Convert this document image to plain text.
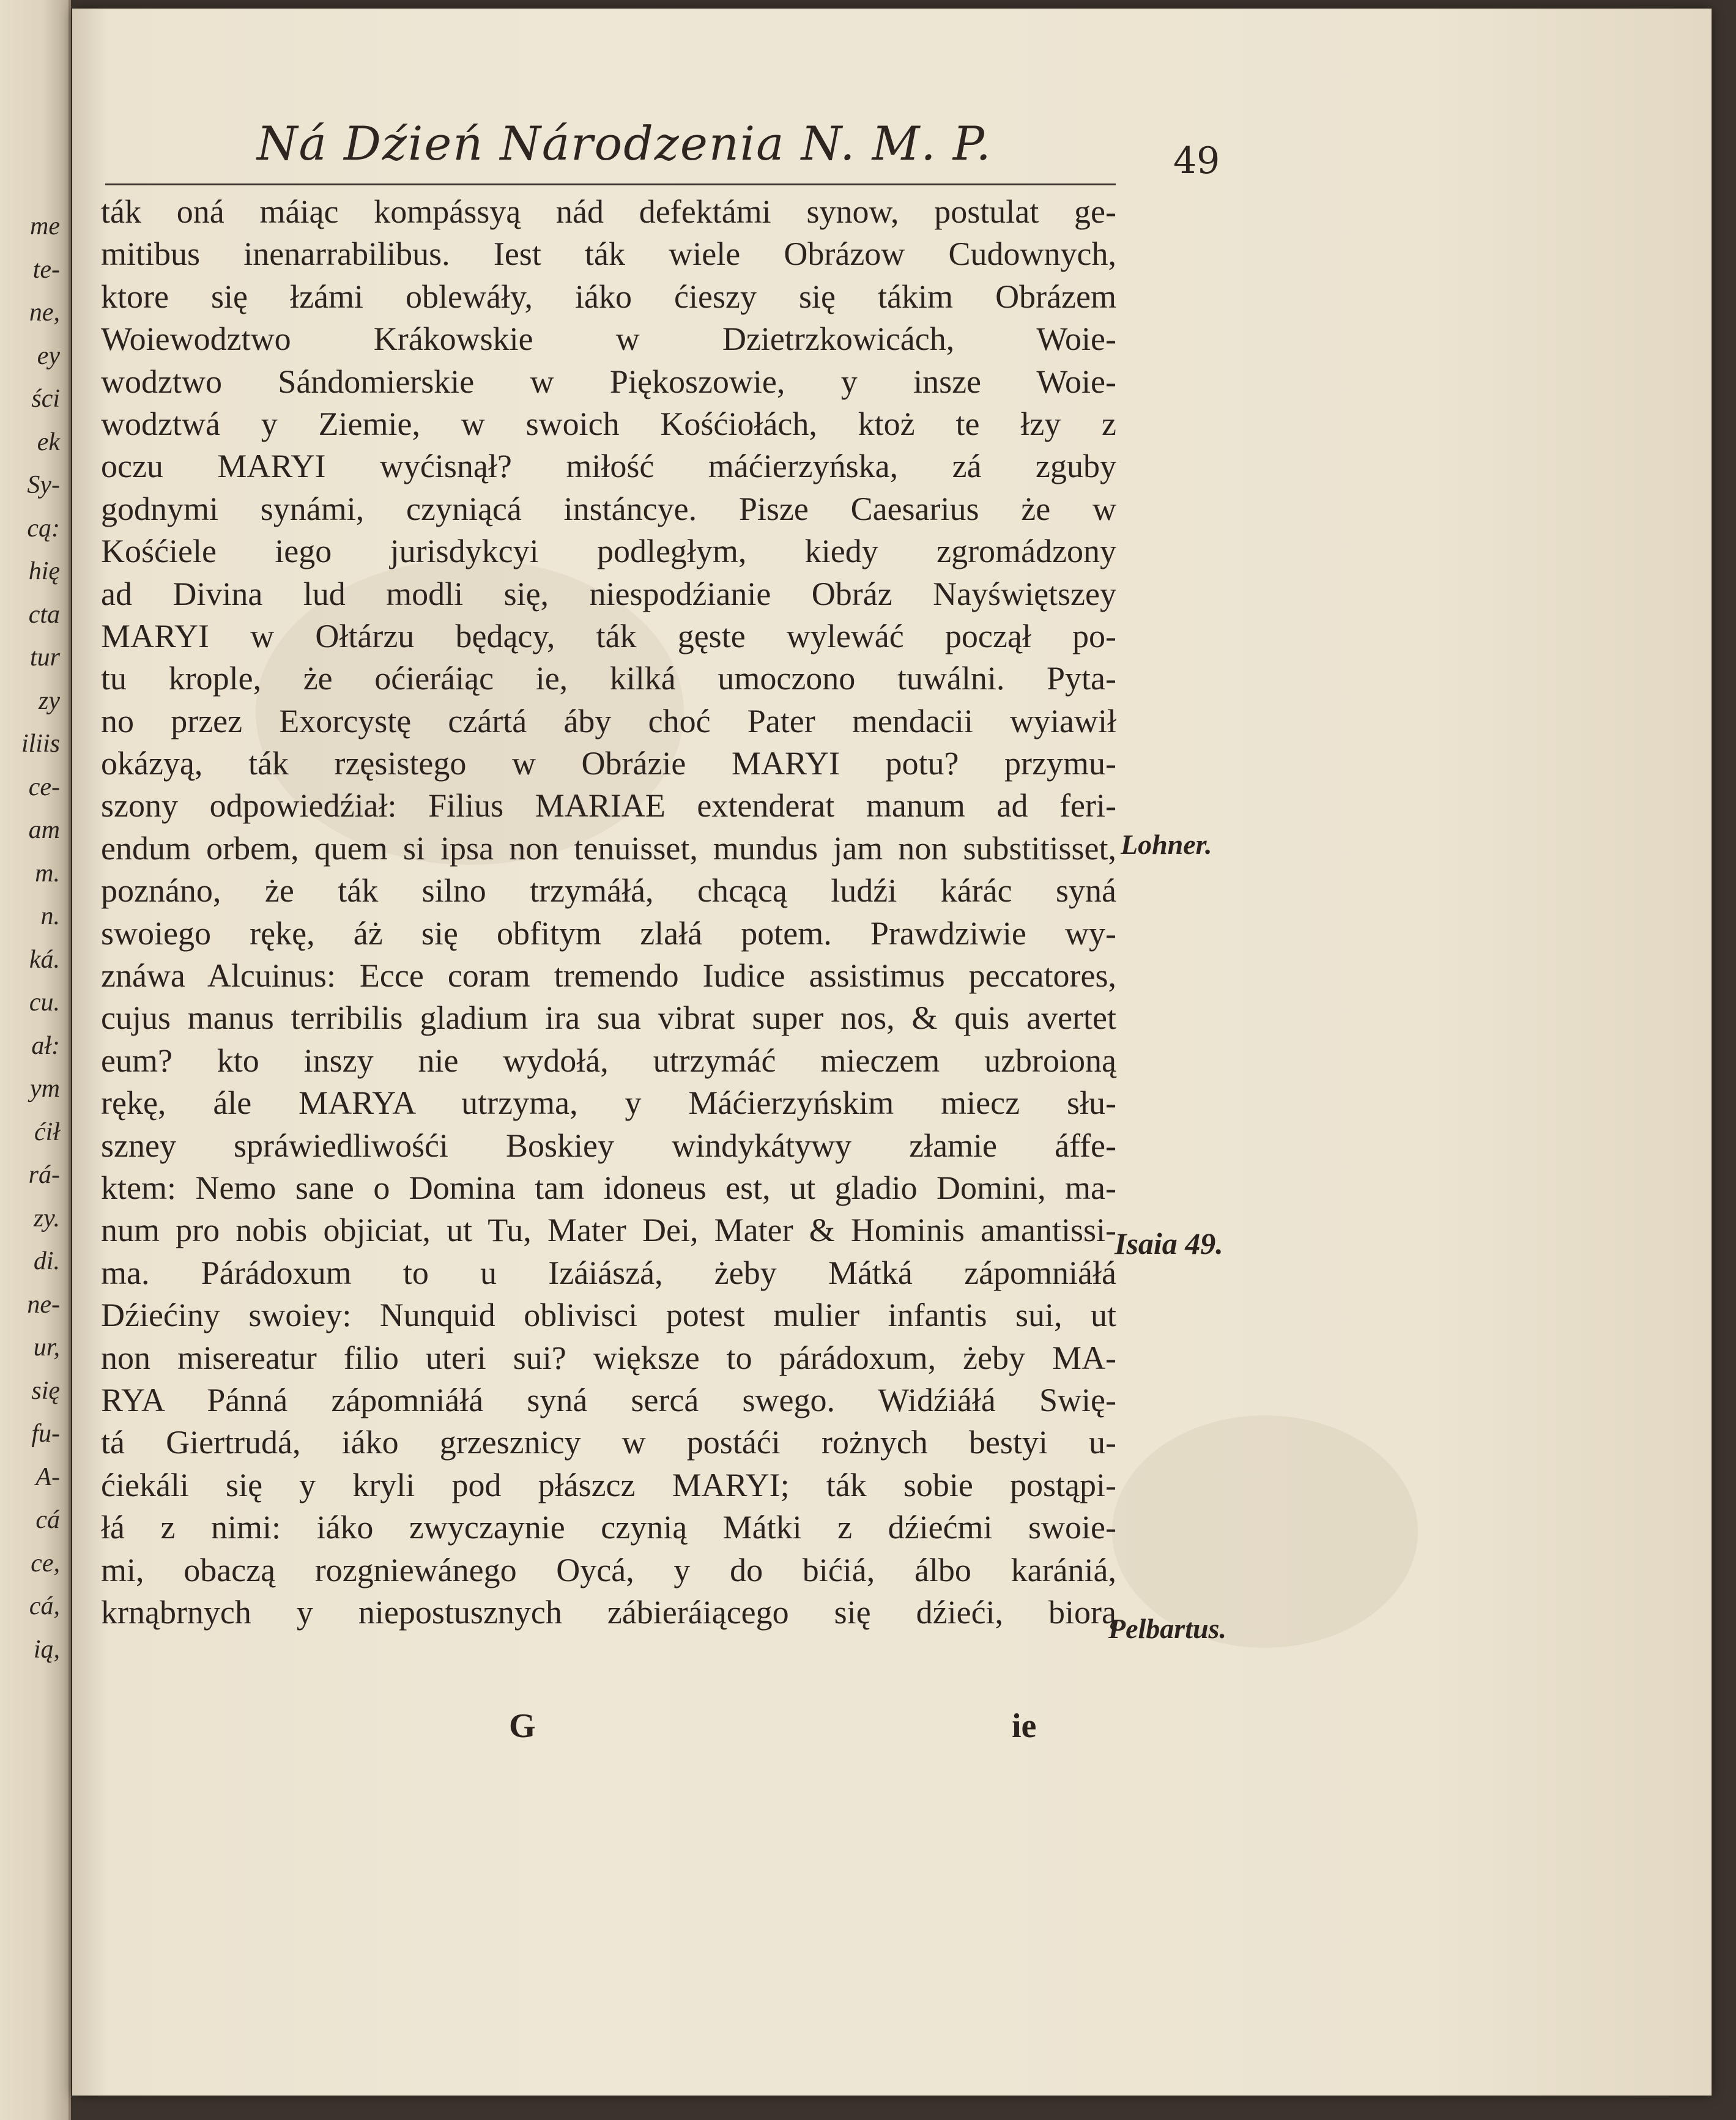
me
te-
ne,
ey
ści
ek
Sy-
cą:
hię
cta
tur
zy
iliis
ce-
am
m.
n.
ká.
cu.
ał:
ym
ćił
rá-
zy.
di.
ne-
ur,
się
fu-
A-
cá
ce,
cá,
ią,
Ná Dźień Národzenia N. M. P.	49
ták oná máiąc kompássyą nád defektámi synow, postulat ge-
mitibus inenarrabilibus. Iest ták wiele Obrázow Cudownych,
ktore się łzámi oblewáły, iáko ćieszy się tákim Obrázem
Woiewodztwo Krákowskie w Dzietrzkowicách, Woie-
wodztwo Sándomierskie w Piękoszowie, y insze Woie-
wodztwá y Ziemie, w swoich Kośćiołách, ktoż te łzy z
oczu MARYI wyćisnął? miłość máćierzyńska, zá zguby
godnymi synámi, czyniącá instáncye. Pisze Caesarius że w
Kośćiele iego jurisdykcyi podległym, kiedy zgromádzony
ad Divina lud modli się, niespodźianie Obráz Nayświętszey
MARYI w Ołtárzu będący, ták gęste wylewáć począł po-
tu krople, że oćieráiąc ie, kilká umoczono tuwálni. Pyta-
no przez Exorcystę czártá áby choć Pater mendacii wyiawił
okázyą, ták rzęsistego w Obrázie MARYI potu? przymu-
szony odpowiedźiał: Filius MARIAE extenderat manum ad feri-
endum orbem, quem si ipsa non tenuisset, mundus jam non substitisset,
poznáno, że ták silno trzymáłá, chcącą ludźi kárác syná
swoiego rękę, áż się obfitym zlałá potem. Prawdziwie wy-
znáwa Alcuinus: Ecce coram tremendo Iudice assistimus peccatores,
cujus manus terribilis gladium ira sua vibrat super nos, & quis avertet
eum? kto inszy nie wydołá, utrzymáć mieczem uzbroioną
rękę, ále MARYA utrzyma, y Máćierzyńskim miecz słu-
szney spráwiedliwośći Boskiey windykátywy złamie áffe-
ktem: Nemo sane o Domina tam idoneus est, ut gladio Domini, ma-
num pro nobis objiciat, ut Tu, Mater Dei, Mater & Hominis amantissi-
ma. Párádoxum to u Izáiászá, żeby Mátká zápomniáłá
Dźiećiny swoiey: Nunquid oblivisci potest mulier infantis sui, ut
non misereatur filio uteri sui? większe to párádoxum, żeby MA-
RYA Pánná zápomniáłá syná sercá swego. Widźiáłá Swię-
tá Giertrudá, iáko grzesznicy w postáći rożnych bestyi u-
ćiekáli się y kryli pod płászcz MARYI; ták sobie postąpi-
łá z nimi: iáko zwyczaynie czynią Mátki z dźiećmi swoie-
mi, obaczą rozgniewánego Oycá, y do bićiá, álbo karániá,
krnąbrnych y niepostusznych zábieráiącego się dźieći, biorą
Lohner.
Isaia 49.
Pelbartus.
G	ie
